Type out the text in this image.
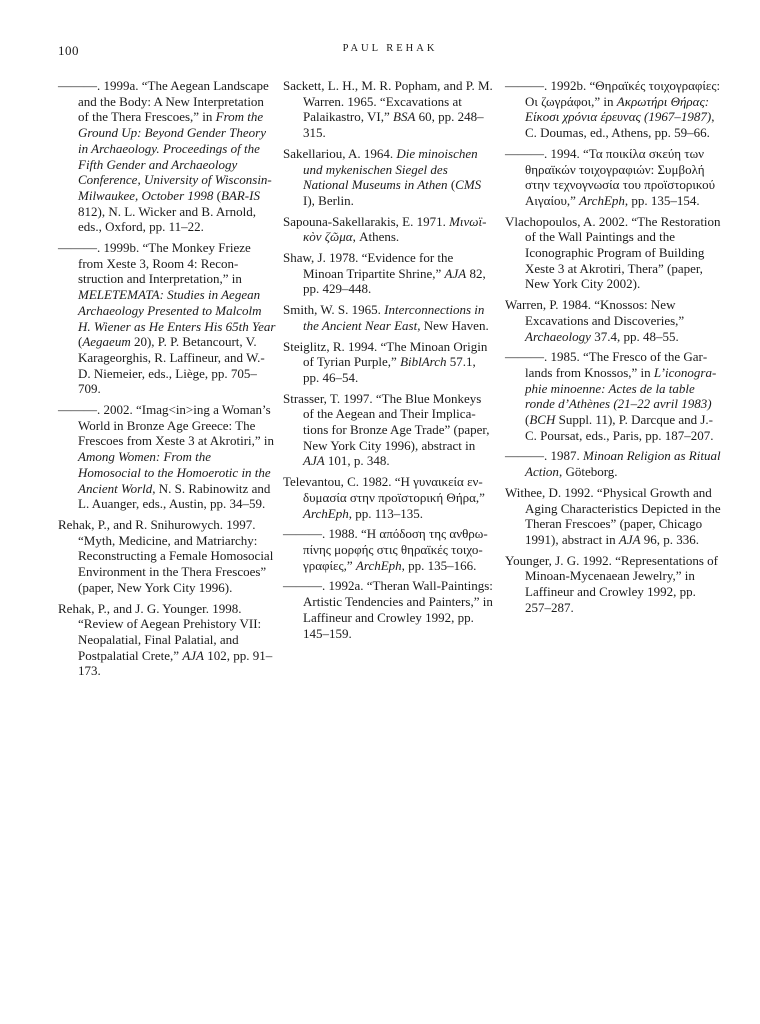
100	PAUL REHAK
———. 1999a. “The Aegean Landscape and the Body: A New Interpretation of the Thera Frescoes,” in From the Ground Up: Beyond Gender Theory in Archaeology. Proceedings of the Fifth Gender and Archaeology Conference, University of Wisconsin-Milwaukee, October 1998 (BAR-IS 812), N. L. Wicker and B. Arnold, eds., Oxford, pp. 11–22.
———. 1999b. “The Monkey Frieze from Xeste 3, Room 4: Reconstruction and Interpretation,” in MELETEMATA: Studies in Aegean Archaeology Presented to Malcolm H. Wiener as He Enters His 65th Year (Aegaeum 20), P. P. Betancourt, V. Karageorghis, R. Laffineur, and W.-D. Niemeier, eds., Liège, pp. 705–709.
———. 2002. “Imag<in>ing a Woman’s World in Bronze Age Greece: The Frescoes from Xeste 3 at Akrotiri,” in Among Women: From the Homosocial to the Homoerotic in the Ancient World, N. S. Rabinowitz and L. Auanger, eds., Austin, pp. 34–59.
Rehak, P., and R. Snihurowych. 1997. “Myth, Medicine, and Matriarchy: Reconstructing a Female Homosocial Environment in the Thera Frescoes” (paper, New York City 1996).
Rehak, P., and J. G. Younger. 1998. “Review of Aegean Prehistory VII: Neopalatial, Final Palatial, and Postpalatial Crete,” AJA 102, pp. 91–173.
Sackett, L. H., M. R. Popham, and P. M. Warren. 1965. “Excavations at Palaikastro, VI,” BSA 60, pp. 248–315.
Sakellariou, A. 1964. Die minoischen und mykenischen Siegel des National Museums in Athen (CMS I), Berlin.
Sapouna-Sakellarakis, E. 1971. Μινωϊκὸν ζῶμα, Athens.
Shaw, J. 1978. “Evidence for the Minoan Tripartite Shrine,” AJA 82, pp. 429–448.
Smith, W. S. 1965. Interconnections in the Ancient Near East, New Haven.
Steiglitz, R. 1994. “The Minoan Origin of Tyrian Purple,” BiblArch 57.1, pp. 46–54.
Strasser, T. 1997. “The Blue Monkeys of the Aegean and Their Implications for Bronze Age Trade” (paper, New York City 1996), abstract in AJA 101, p. 348.
Televantou, C. 1982. “Η γυναικεία ενδυμασία στην προϊστορική Θήρα,” ArchEph, pp. 113–135.
———. 1988. “Η απόδοση της ανθρωπίνης μορφής στις θηραϊκές τοιχογραφίες,” ArchEph, pp. 135–166.
———. 1992a. “Theran Wall-Paintings: Artistic Tendencies and Painters,” in Laffineur and Crowley 1992, pp. 145–159.
———. 1992b. “Θηραϊκές τοιχογραφίες: Οι ζωγράφοι,” in Ακρωτήρι Θήρας: Είκοσι χρόνια έρευνας (1967–1987), C. Doumas, ed., Athens, pp. 59–66.
———. 1994. “Τα ποικίλα σκεύη των θηραϊκών τοιχογραφιών: Συμβολή στην τεχνογνωσία του προϊστορικού Αιγαίου,” ArchEph, pp. 135–154.
Vlachopoulos, A. 2002. “The Restoration of the Wall Paintings and the Iconographic Program of Building Xeste 3 at Akrotiri, Thera” (paper, New York City 2002).
Warren, P. 1984. “Knossos: New Excavations and Discoveries,” Archaeology 37.4, pp. 48–55.
———. 1985. “The Fresco of the Garlands from Knossos,” in L’iconographie minoenne: Actes de la table ronde d’Athènes (21–22 avril 1983) (BCH Suppl. 11), P. Darcque and J.-C. Poursat, eds., Paris, pp. 187–207.
———. 1987. Minoan Religion as Ritual Action, Göteborg.
Withee, D. 1992. “Physical Growth and Aging Characteristics Depicted in the Theran Frescoes” (paper, Chicago 1991), abstract in AJA 96, p. 336.
Younger, J. G. 1992. “Representations of Minoan-Mycenaean Jewelry,” in Laffineur and Crowley 1992, pp. 257–287.
